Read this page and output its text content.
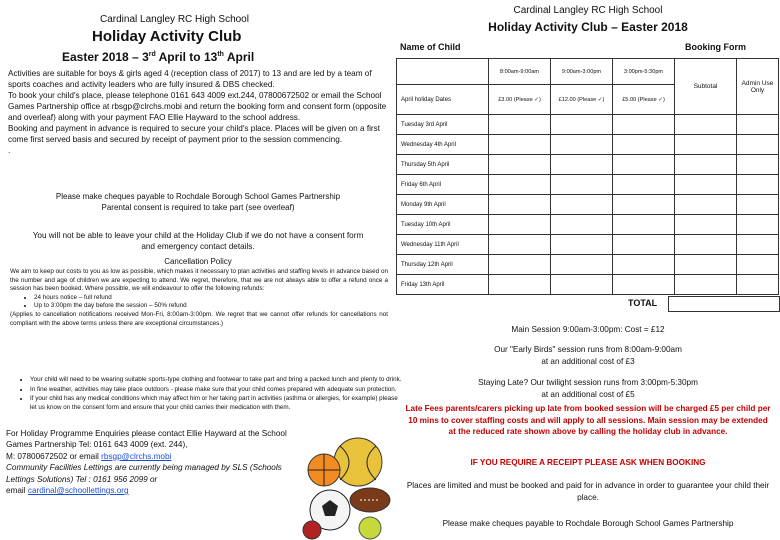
Cardinal Langley RC High School
Holiday Activity Club
Easter 2018 – 3rd April to 13th April
Activities are suitable for boys & girls aged 4 (reception class of 2017) to 13 and are led by a team of sports coaches and activity leaders who are fully insured & DBS checked.
To book your child's place, please telephone 0161 643 4009 ext.244, 07800672502 or email the School Games Partnership office at rbsgp@clrchs.mobi and return the booking form and consent form (opposite and overleaf) along with your payment FAO Ellie Hayward to the school address.
Booking and payment in advance is required to secure your child's place. Places will be given on a first come first served basis and secured by receipt of payment prior to the session commencing.
.
Please make cheques payable to Rochdale Borough School Games Partnership
Parental consent is required to take part (see overleaf)
You will not be able to leave your child at the Holiday Club if we do not have a consent form
and emergency contact details.
Cancellation Policy
We aim to keep our costs to you as low as possible, which makes it necessary to plan activities and staffing levels in advance based on the number and age of children we are expecting to attend. We regret, therefore, that we are not always able to offer a refund once a session has been booked. Where possible, we will endeavour to offer the following refunds:
• 24 hours notice – full refund
• Up to 3:00pm the day before the session – 50% refund
(Applies to cancellation notifications received Mon-Fri, 8:00am-3:00pm. We regret that we cannot offer refunds for cancellations not compliant with the above terms unless there are exceptional circumstances.)
• Your child will need to be wearing suitable sports-type clothing and footwear to take part and bring a packed lunch and plenty to drink.
• In fine weather, activities may take place outdoors - please make sure that your child comes prepared with adequate sun protection.
• If your child has any medical conditions which may affect him or her taking part in activities (asthma or allergies, for example) please let us know on the consent form and ensure that your child carries their medication with them.
For Holiday Programme Enquiries please contact Ellie Hayward at the School Games Partnership Tel: 0161 643 4009 (ext. 244),
M: 07800672502 or email rbsgp@clrchs.mobi
Community Facilities Lettings are currently being managed by SLS (Schools Lettings Solutions) Tel : 0161 956 2099 or
email cardinal@schoollettings.org
Cardinal Langley RC High School
Holiday Activity Club – Easter 2018
Name of Child	Booking Form
	8:00am-9:00am	9:00am-3:00pm	3:00pm-5:30pm	Subtotal	Admin Use Only
April holiday Dates	£3.00 (Please ✓)	£12.00 (Please ✓)	£5.00 (Please ✓)		
Tuesday 3rd April					
Wednesday 4th April					
Thursday 5th April					
Friday 6th April					
Monday 9th April					
Tuesday 10th April					
Wednesday 11th April					
Thursday 12th April					
Friday 13th April					
TOTAL
Main Session 9:00am-3:00pm: Cost = £12
Our "Early Birds" session runs from 8:00am-9:00am
at an additional cost of £3
Staying Late? Our twilight session runs from 3:00pm-5:30pm
at an additional cost of £5
Late Fees parents/carers picking up late from booked session will be charged £5 per child per 10 mins to cover staffing costs and will apply to all sessions. Main session may be extended at the reduced rate shown above by calling the holiday club in advance.
IF YOU REQUIRE A RECEIPT PLEASE ASK WHEN BOOKING
Places are limited and must be booked and paid for in advance in order to guarantee your child their place.
Please make cheques payable to Rochdale Borough School Games Partnership
